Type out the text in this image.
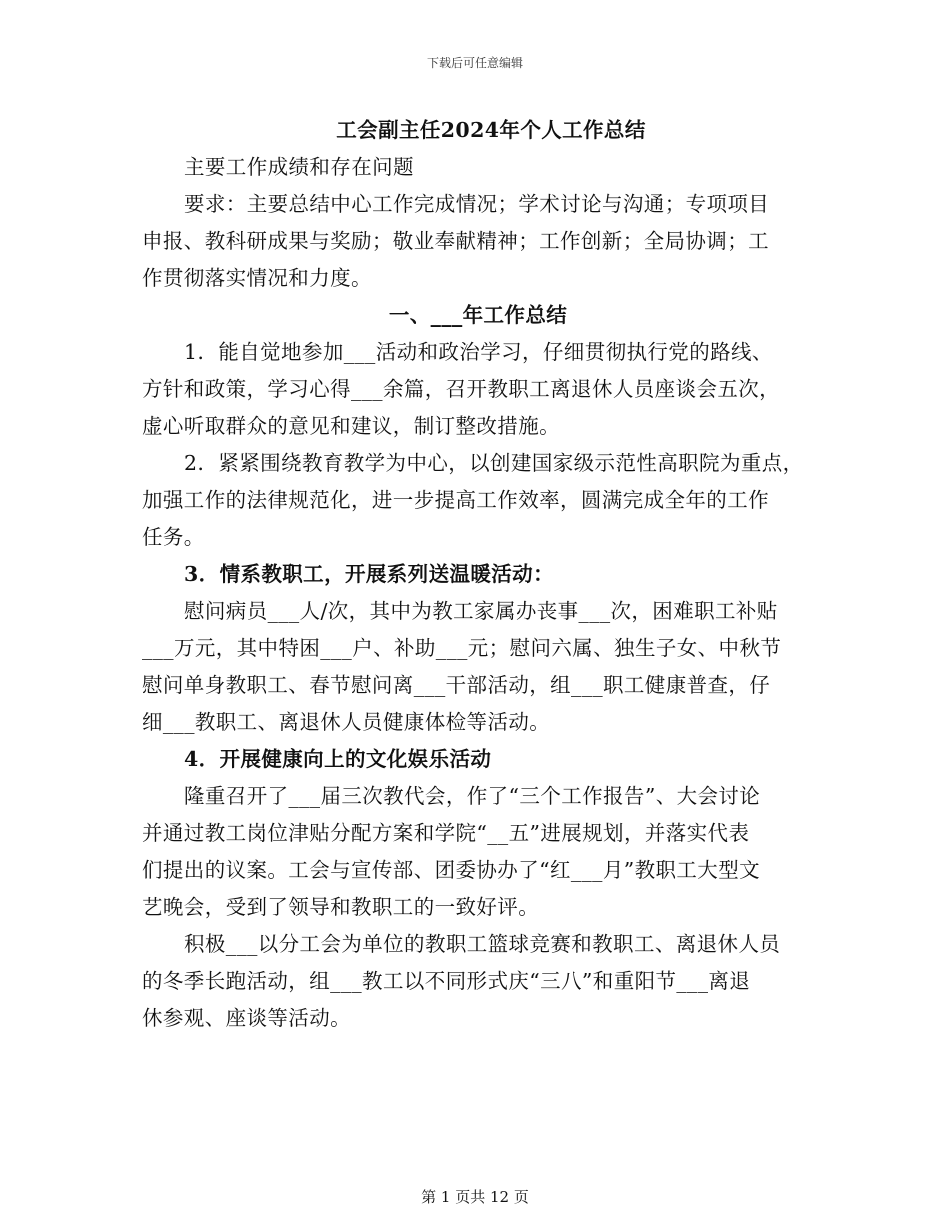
下载后可任意编辑
工会副主任2024年个人工作总结
主要工作成绩和存在问题
要求：主要总结中心工作完成情况；学术讨论与沟通；专项项目
申报、教科研成果与奖励；敬业奉献精神；工作创新；全局协调；工
作贯彻落实情况和力度。
一、___年工作总结
1．能自觉地参加___活动和政治学习，仔细贯彻执行党的路线、
方针和政策，学习心得___余篇，召开教职工离退休人员座谈会五次，
虚心听取群众的意见和建议，制订整改措施。
2．紧紧围绕教育教学为中心，以创建国家级示范性高职院为重点，
加强工作的法律规范化，进一步提高工作效率，圆满完成全年的工作
任务。
3．情系教职工，开展系列送温暖活动：
慰问病员___人/次，其中为教工家属办丧事___次，困难职工补贴
___万元，其中特困___户、补助___元；慰问六属、独生子女、中秋节
慰问单身教职工、春节慰问离___干部活动，组___职工健康普查，仔
细___教职工、离退休人员健康体检等活动。
4．开展健康向上的文化娱乐活动
隆重召开了___届三次教代会，作了“三个工作报告”、大会讨论
并通过教工岗位津贴分配方案和学院“__五”进展规划，并落实代表
们提出的议案。工会与宣传部、团委协办了“红___月”教职工大型文
艺晚会，受到了领导和教职工的一致好评。
积极___以分工会为单位的教职工篮球竞赛和教职工、离退休人员
的冬季长跑活动，组___教工以不同形式庆“三八”和重阳节___离退
休参观、座谈等活动。
第 1 页共 12 页
